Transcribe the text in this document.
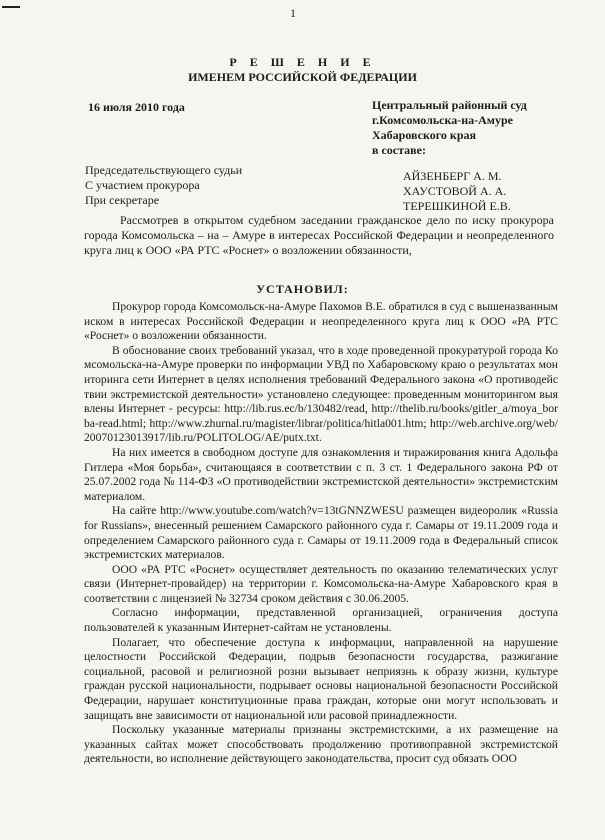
1
Р Е Ш Е Н И Е
ИМЕНЕМ РОССИЙСКОЙ ФЕДЕРАЦИИ
16 июля 2010 года	Центральный районный суд
г.Комсомольска-на-Амуре
Хабаровского края
в составе:
Председательствующего судьи
С участием прокурора
При секретаре
АЙЗЕНБЕРГ А. М.
ХАУСТОВОЙ А. А.
ТЕРЕШКИНОЙ Е.В.
Рассмотрев в открытом судебном заседании гражданское дело по иску прокурора города Комсомольска – на – Амуре в интересах Российской Федерации и неопределенного круга лиц к ООО «РА РТС «Роснет» о возложении обязанности,
УСТАНОВИЛ:

Прокурор города Комсомольск-на-Амуре Пахомов В.Е. обратился в суд с вышеназванным иском в интересах Российской Федерации и неопределенного круга лиц к ООО «РА РТС «Роснет» о возложении обязанности.

В обоснование своих требований указал, что в ходе проведенной прокуратурой города Комсомольска-на-Амуре проверки по информации УВД по Хабаровскому краю о результатах мониторинга сети Интернет в целях исполнения требований Федерального закона «О противодействии экстремистской деятельности» установлено следующее: проведенным мониторингом выявлены Интернет - ресурсы: http://lib.rus.ec/b/130482/read, http://thelib.ru/books/gitler_a/moya_borba-read.html; http://www.zhurnal.ru/magister/librar/politica/hitla001.htm; http://web.archive.org/web/20070123013917/lib.ru/POLITOLOG/AE/putx.txt.

На них имеется в свободном доступе для ознакомления и тиражирования книга Адольфа Гитлера «Моя борьба», считающаяся в соответствии с п. 3 ст. 1 Федерального закона РФ от 25.07.2002 года № 114-ФЗ «О противодействии экстремистской деятельности» экстремистским материалом.

На сайте http://www.youtube.com/watch?v=13tGNNZWESU размещен видеоролик «Russia for Russians», внесенный решением Самарского районного суда г. Самары от 19.11.2009 года и определением Самарского районного суда г. Самары от 19.11.2009 года в Федеральный список экстремистских материалов.

ООО «РА РТС «Роснет» осуществляет деятельность по оказанию телематических услуг связи (Интернет-провайдер) на территории г. Комсомольска-на-Амуре Хабаровского края в соответствии с лицензией № 32734 сроком действия с 30.06.2005.

Согласно информации, представленной организацией, ограничения доступа пользователей к указанным Интернет-сайтам не установлены.

Полагает, что обеспечение доступа к информации, направленной на нарушение целостности Российской Федерации, подрыв безопасности государства, разжигание социальной, расовой и религиозной розни вызывает неприязнь к образу жизни, культуре граждан русской национальности, подрывает основы национальной безопасности Российской Федерации, нарушает конституционные права граждан, которые они могут использовать и защищать вне зависимости от национальной или расовой принадлежности.

Поскольку указанные материалы признаны экстремистскими, а их размещение на указанных сайтах может способствовать продолжению противоправной экстремистской деятельности, во исполнение действующего законодательства, просит суд обязать ООО
